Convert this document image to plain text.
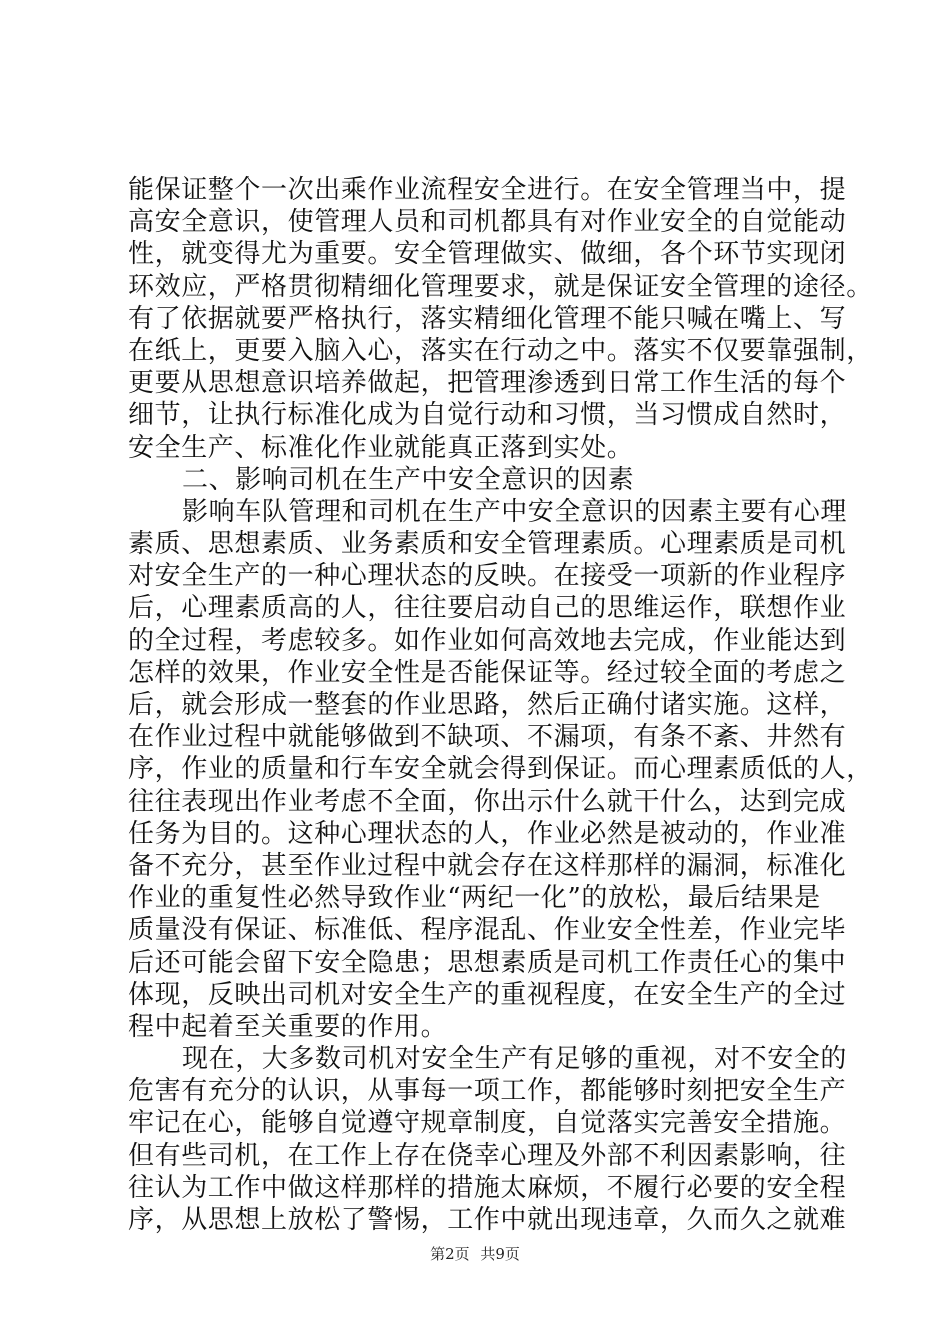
能保证整个一次出乘作业流程安全进行。在安全管理当中，提
高安全意识，使管理人员和司机都具有对作业安全的自觉能动
性，就变得尤为重要。安全管理做实、做细，各个环节实现闭
环效应，严格贯彻精细化管理要求，就是保证安全管理的途径。
有了依据就要严格执行，落实精细化管理不能只喊在嘴上、写
在纸上，更要入脑入心，落实在行动之中。落实不仅要靠强制，
更要从思想意识培养做起，把管理渗透到日常工作生活的每个
细节，让执行标准化成为自觉行动和习惯，当习惯成自然时，
安全生产、标准化作业就能真正落到实处。
二、影响司机在生产中安全意识的因素
影响车队管理和司机在生产中安全意识的因素主要有心理
素质、思想素质、业务素质和安全管理素质。心理素质是司机
对安全生产的一种心理状态的反映。在接受一项新的作业程序
后，心理素质高的人，往往要启动自己的思维运作，联想作业
的全过程，考虑较多。如作业如何高效地去完成，作业能达到
怎样的效果，作业安全性是否能保证等。经过较全面的考虑之
后，就会形成一整套的作业思路，然后正确付诸实施。这样，
在作业过程中就能够做到不缺项、不漏项，有条不紊、井然有
序，作业的质量和行车安全就会得到保证。而心理素质低的人，
往往表现出作业考虑不全面，你出示什么就干什么，达到完成
任务为目的。这种心理状态的人，作业必然是被动的，作业准
备不充分，甚至作业过程中就会存在这样那样的漏洞，标准化
作业的重复性必然导致作业“两纪一化”的放松，最后结果是
质量没有保证、标准低、程序混乱、作业安全性差，作业完毕
后还可能会留下安全隐患；思想素质是司机工作责任心的集中
体现，反映出司机对安全生产的重视程度，在安全生产的全过
程中起着至关重要的作用。
现在，大多数司机对安全生产有足够的重视，对不安全的
危害有充分的认识，从事每一项工作，都能够时刻把安全生产
牢记在心，能够自觉遵守规章制度，自觉落实完善安全措施。
但有些司机，在工作上存在侥幸心理及外部不利因素影响，往
往认为工作中做这样那样的措施太麻烦，不履行必要的安全程
序，从思想上放松了警惕，工作中就出现违章，久而久之就难
第2页 共9页
